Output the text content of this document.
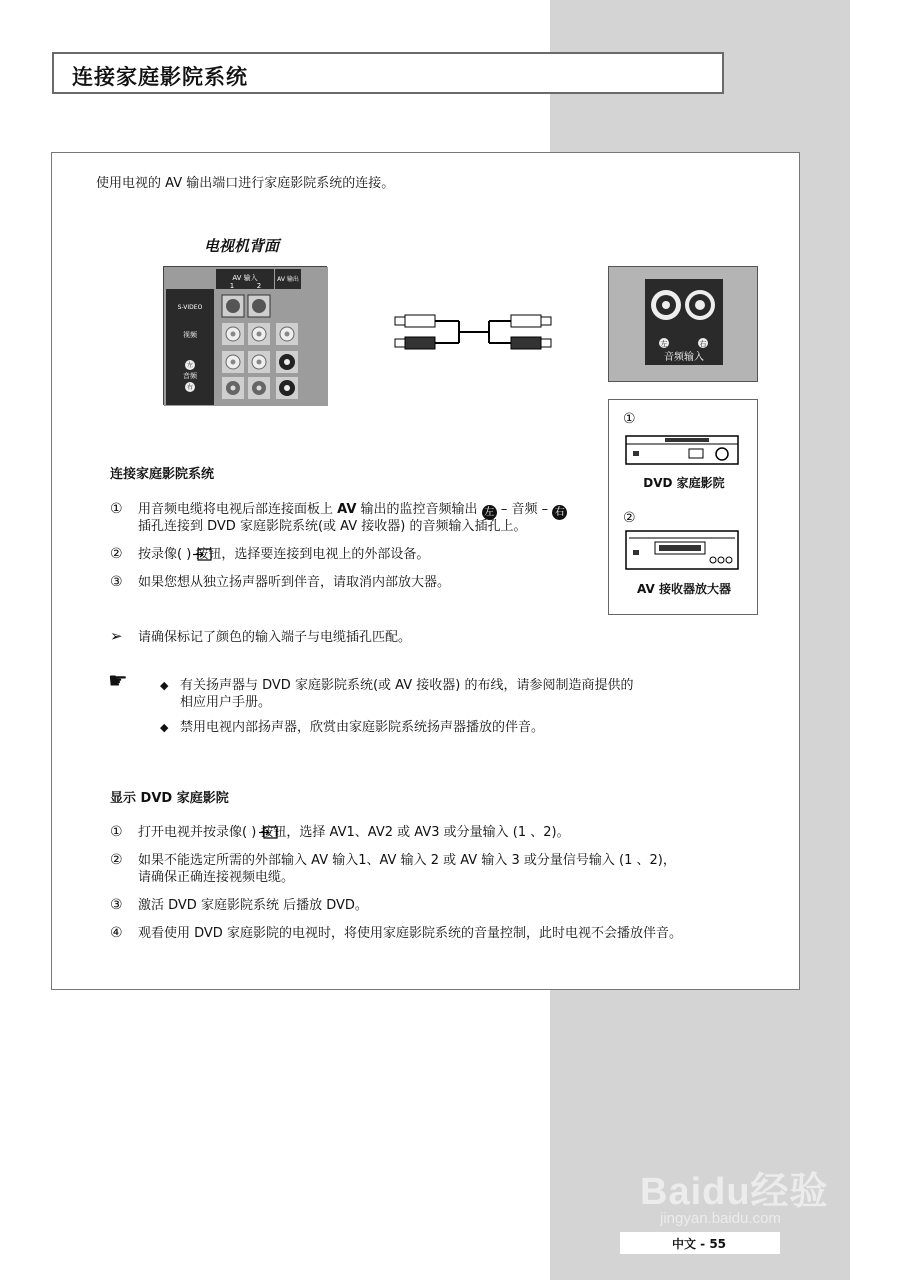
连接家庭影院系统
使用电视的 AV 输出端口进行家庭影院系统的连接。
电视机背面
AV 输入	AV 输出
1	2
S-VIDEO
视频
音频
左
右
左	右
音频输入
①
DVD 家庭影院
②
AV 接收器放大器
连接家庭影院系统
① 用音频电缆将电视后部连接面板上 AV 输出的监控音频输出 左 – 音频 – 右
插孔连接到 DVD 家庭影院系统(或 AV 接收器) 的音频输入插孔上。
② 按录像( ) 按钮，选择要连接到电视上的外部设备。
③ 如果您想从独立扬声器听到伴音，请取消内部放大器。
➢ 请确保标记了颜色的输入端子与电缆插孔匹配。
☛	◆ 有关扬声器与 DVD 家庭影院系统(或 AV 接收器) 的布线，请参阅制造商提供的
相应用户手册。
◆ 禁用电视内部扬声器，欣赏由家庭影院系统扬声器播放的伴音。
显示 DVD 家庭影院
① 打开电视并按录像( ) 按钮，选择 AV1、AV2 或 AV3 或分量输入 (1 、2)。
② 如果不能选定所需的外部输入 AV 输入1、AV 输入 2 或 AV 输入 3 或分量信号输入 (1 、2)，
请确保正确连接视频电缆。
③ 激活 DVD 家庭影院系统 后播放 DVD。
④ 观看使用 DVD 家庭影院的电视时，将使用家庭影院系统的音量控制，此时电视不会播放伴音。
Baidu经验
jingyan.baidu.com
中文 - 55
